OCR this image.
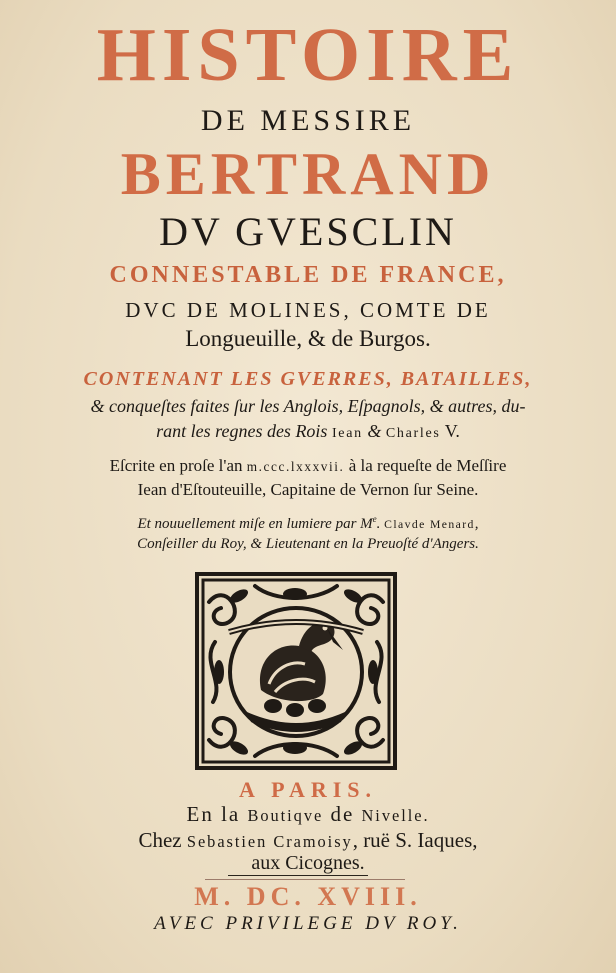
HISTOIRE
DE MESSIRE
BERTRAND
DV GVESCLIN
CONNESTABLE DE FRANCE,
DVC DE MOLINES, COMTE DE
Longueuille, & de Burgos.
CONTENANT LES GVERRES, BATAILLES,
& conqueſtes faites ſur les Anglois, Eſpagnols, & autres, du-
rant les regnes des Rois Iean & Charles V.
Eſcrite en proſe l'an m.ccc.lxxxvii. à la requeſte de Meſſire
Iean d'Eſtouteuille, Capitaine de Vernon ſur Seine.
Et nouuellement miſe en lumiere par Me. Clavde Menard,
Conſeiller du Roy, & Lieutenant en la Preuoſté d'Angers.
A PARIS.
En la Boutiqve de Nivelle.
Chez Sebastien Cramoisy, ruë S. Iaques,
aux Cicognes.
M. DC. XVIII.
AVEC PRIVILEGE DV ROY.
